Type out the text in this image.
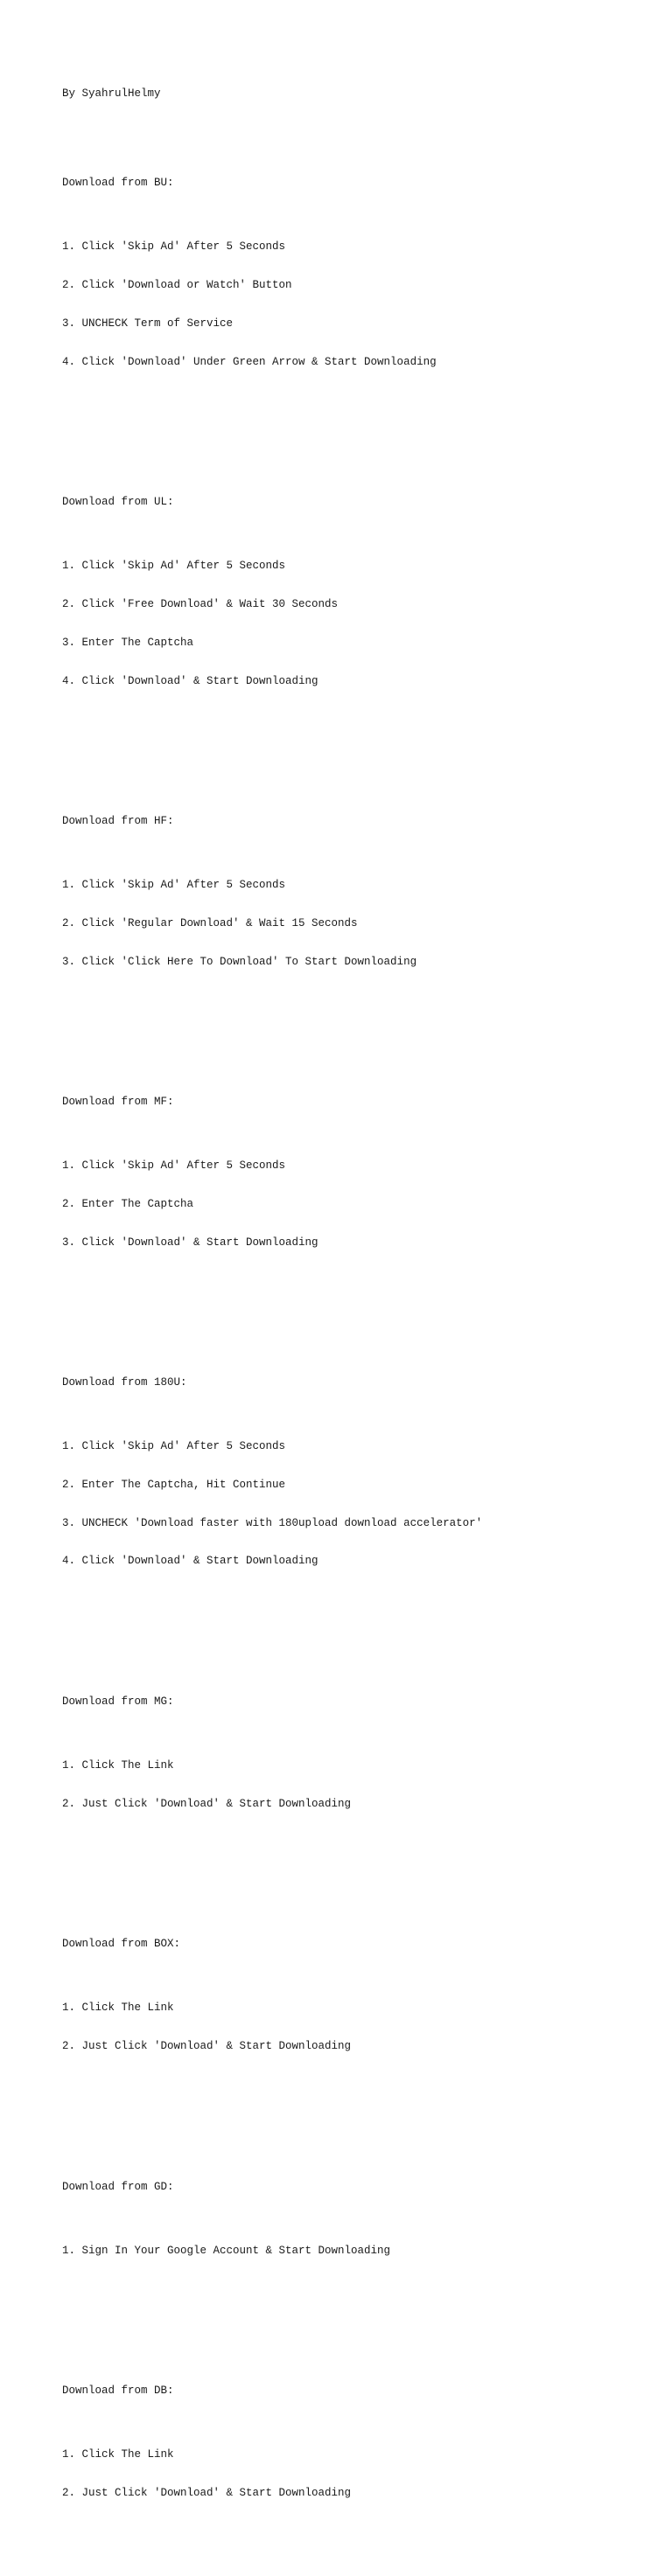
By SyahrulHelmy

Download from BU:

1. Click 'Skip Ad' After 5 Seconds

2. Click 'Download or Watch' Button

3. UNCHECK Term of Service

4. Click 'Download' Under Green Arrow & Start Downloading

Download from UL:

1. Click 'Skip Ad' After 5 Seconds

2. Click 'Free Download' & Wait 30 Seconds

3. Enter The Captcha

4. Click 'Download' & Start Downloading

Download from HF:

1. Click 'Skip Ad' After 5 Seconds

2. Click 'Regular Download' & Wait 15 Seconds

3. Click 'Click Here To Download' To Start Downloading

Download from MF:

1. Click 'Skip Ad' After 5 Seconds

2. Enter The Captcha

3. Click 'Download' & Start Downloading

Download from 180U:

1. Click 'Skip Ad' After 5 Seconds

2. Enter The Captcha, Hit Continue

3. UNCHECK 'Download faster with 180upload download accelerator'

4. Click 'Download' & Start Downloading

Download from MG:

1. Click The Link

2. Just Click 'Download' & Start Downloading

Download from BOX:

1. Click The Link

2. Just Click 'Download' & Start Downloading

Download from GD:

1. Sign In Your Google Account & Start Downloading

Download from DB:

1. Click The Link

2. Just Click 'Download' & Start Downloading
